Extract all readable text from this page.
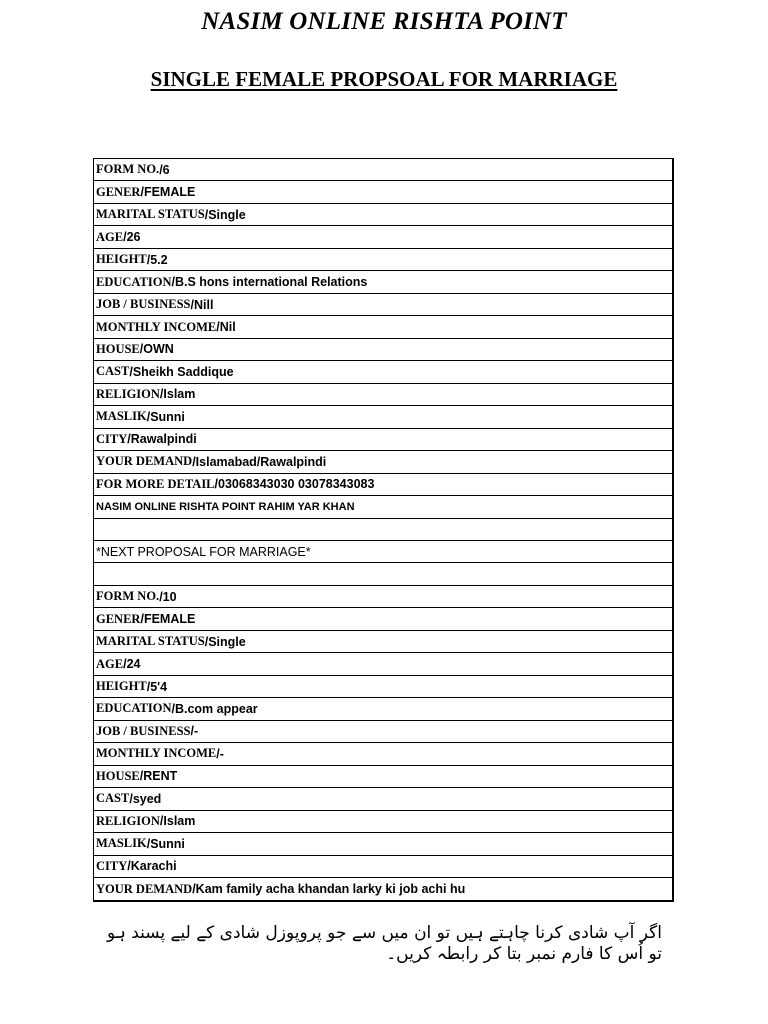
NASIM ONLINE RISHTA POINT
SINGLE FEMALE PROPSOAL FOR MARRIAGE
FORM NO. / 6
GENER / FEMALE
MARITAL STATUS / Single
AGE / 26
HEIGHT / 5.2
EDUCATION / B.S hons international Relations
JOB / BUSINESS / Nill
MONTHLY INCOME / Nil
HOUSE / OWN
CAST / Sheikh Saddique
RELIGION / Islam
MASLIK / Sunni
CITY / Rawalpindi
YOUR DEMAND / Islamabad/Rawalpindi
FOR MORE DETAIL / 03068343030 03078343083
NASIM ONLINE RISHTA POINT RAHIM YAR KHAN
*NEXT PROPOSAL FOR MARRIAGE*
FORM NO. / 10
GENER / FEMALE
MARITAL STATUS / Single
AGE / 24
HEIGHT / 5'4
EDUCATION / B.com appear
JOB / BUSINESS / -
MONTHLY INCOME / -
HOUSE / RENT
CAST / syed
RELIGION / Islam
MASLIK / Sunni
CITY / Karachi
YOUR DEMAND / Kam family acha khandan larky ki job achi hu
اگر آپ شادی کرنا چاہتے ہیں تو ان میں سے جو پروپوزل شادی کے لیے پسند ہو تو اُس کا فارم نمبر بتا کر رابطہ کریں۔
